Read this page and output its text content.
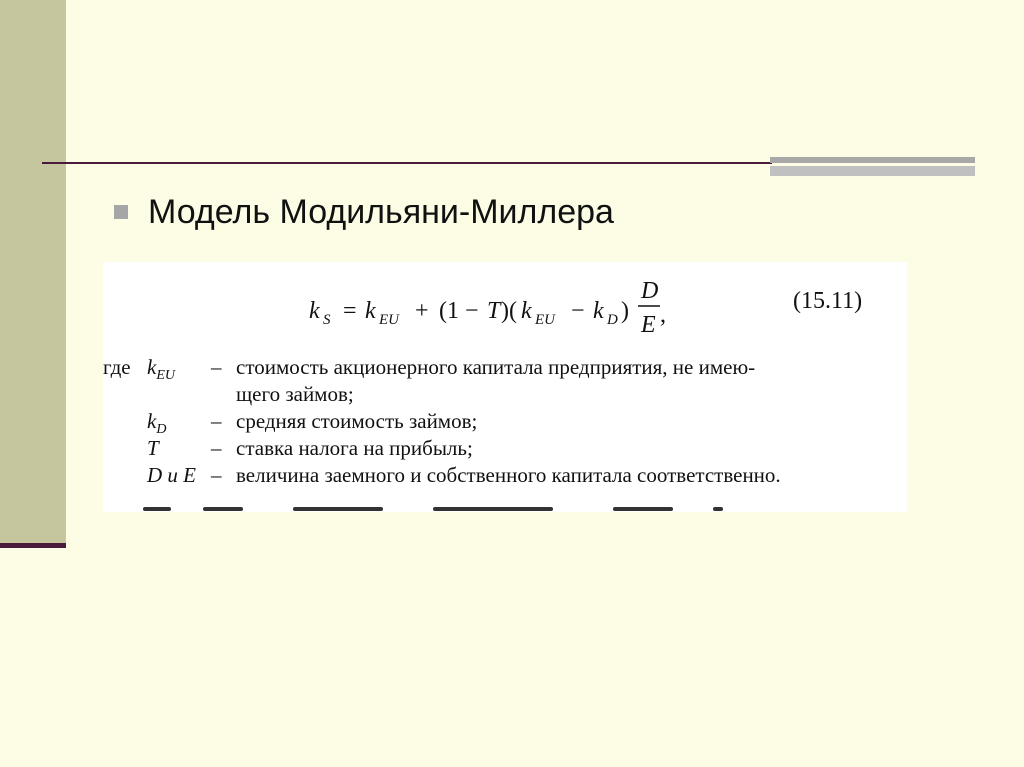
Модель Модильяни-Миллера
k S = k EU + (1 − T )( k EU − k D )
D
E ,
(15.11)
где $k_{EU}$ – стоимость акционерного капитала предприятия, не имею-
щего займов;
$k_D$ – средняя стоимость займов;
T – ставка налога на прибыль;
D и E – величина заемного и собственного капитала соответственно.
